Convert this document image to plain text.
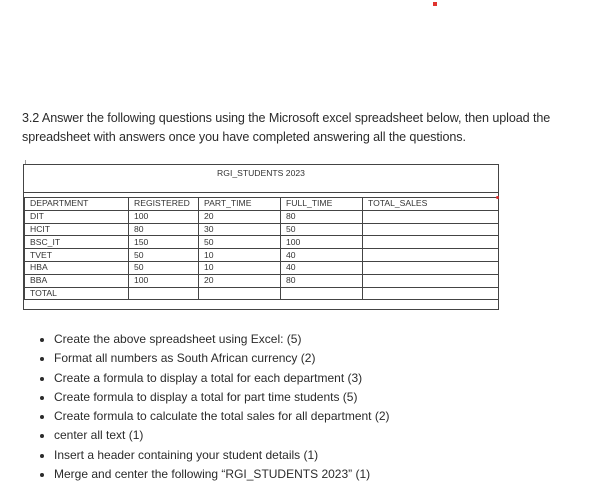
3.2 Answer the following questions using the Microsoft excel spreadsheet below, then upload the spreadsheet with answers once you have completed answering all the questions.

RGI_STUDENTS 2023
DEPARTMENT	REGISTERED	PART_TIME	FULL_TIME	TOTAL_SALES
DIT	100	20	80	
HCIT	80	30	50	
BSC_IT	150	50	100	
TVET	50	10	40	
HBA	50	10	40	
BBA	100	20	80	
TOTAL				
• Create the above spreadsheet using Excel: (5)
• Format all numbers as South African currency (2)
• Create a formula to display a total for each department (3)
• Create formula to display a total for part time students (5)
• Create formula to calculate the total sales for all department (2)
• center all text (1)
• Insert a header containing your student details (1)
• Merge and center the following “RGI_STUDENTS 2023” (1)
